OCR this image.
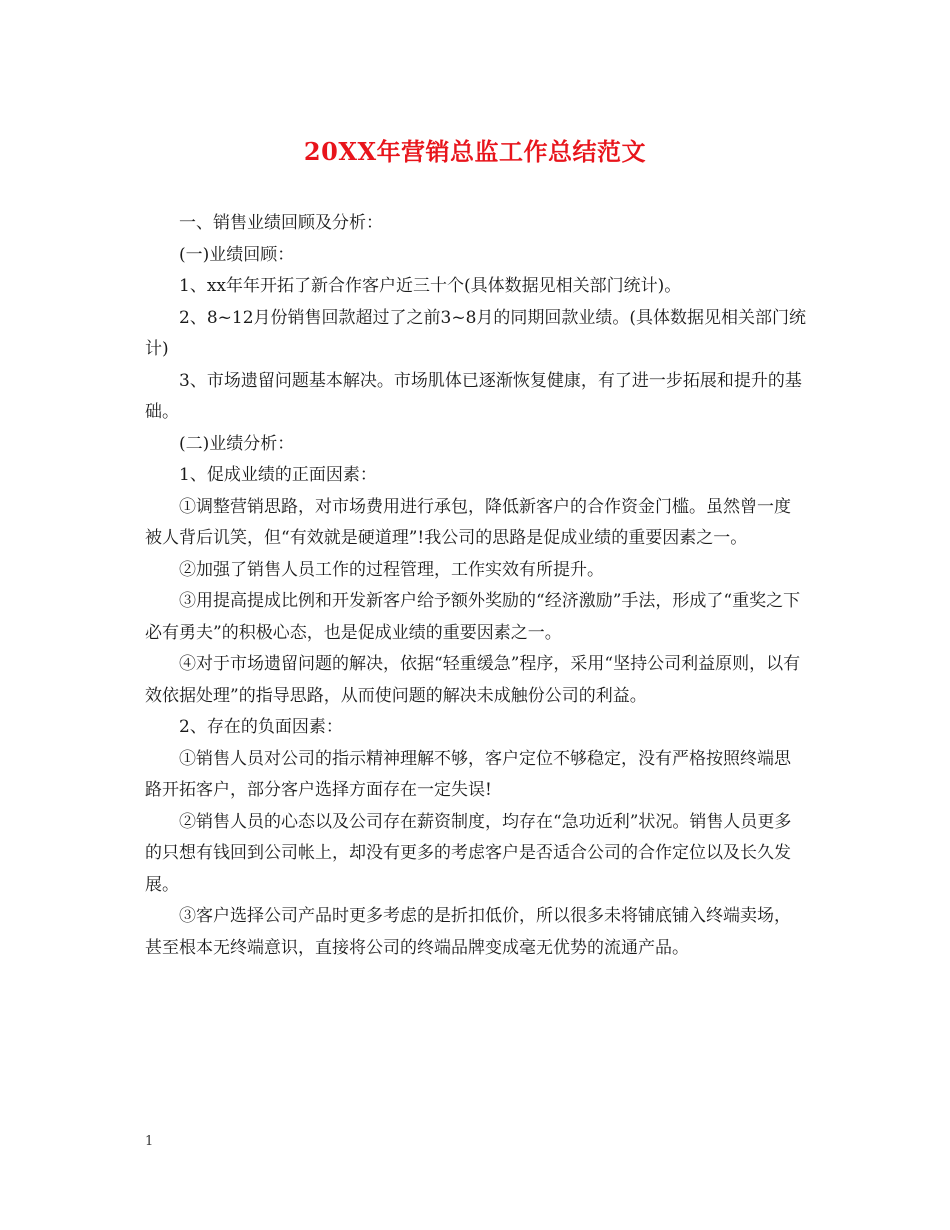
20XX年营销总监工作总结范文

一、销售业绩回顾及分析：

(一)业绩回顾：

1、xx年年开拓了新合作客户近三十个(具体数据见相关部门统计)。

2、8~12月份销售回款超过了之前3~8月的同期回款业绩。(具体数据见相关部门统计)

3、市场遗留问题基本解决。市场肌体已逐渐恢复健康，有了进一步拓展和提升的基础。

(二)业绩分析：

1、促成业绩的正面因素：

①调整营销思路，对市场费用进行承包，降低新客户的合作资金门槛。虽然曾一度被人背后讥笑，但“有效就是硬道理”!我公司的思路是促成业绩的重要因素之一。

②加强了销售人员工作的过程管理，工作实效有所提升。

③用提高提成比例和开发新客户给予额外奖励的“经济激励”手法，形成了“重奖之下必有勇夫”的积极心态，也是促成业绩的重要因素之一。

④对于市场遗留问题的解决，依据“轻重缓急”程序，采用“坚持公司利益原则，以有效依据处理”的指导思路，从而使问题的解决未成触份公司的利益。

2、存在的负面因素：

①销售人员对公司的指示精神理解不够，客户定位不够稳定，没有严格按照终端思路开拓客户，部分客户选择方面存在一定失误!

②销售人员的心态以及公司存在薪资制度，均存在“急功近利”状况。销售人员更多的只想有钱回到公司帐上，却没有更多的考虑客户是否适合公司的合作定位以及长久发展。

③客户选择公司产品时更多考虑的是折扣低价，所以很多未将铺底铺入终端卖场，甚至根本无终端意识，直接将公司的终端品牌变成毫无优势的流通产品。

1
